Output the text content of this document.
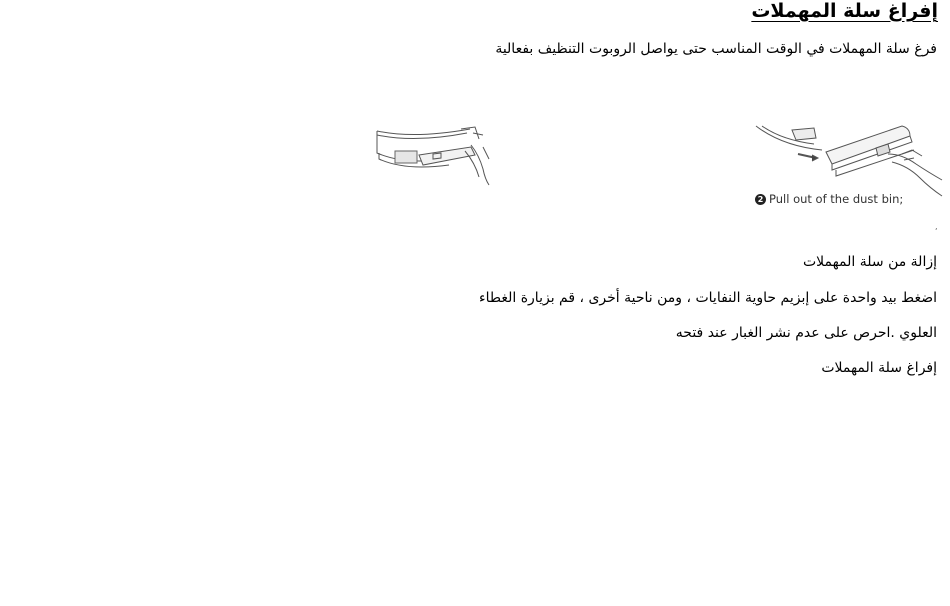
إفراغ سلة المهملات
فرغ سلة المهملات في الوقت المناسب حتى يواصل الروبوت التنظيف بفعالية
2 Pull out of the dust bin;
,
إزالة من سلة المهملات
اضغط بيد واحدة على إبزيم حاوية النفايات ، ومن ناحية أخرى ، قم بزيارة الغطاء
العلوي .احرص على عدم نشر الغبار عند فتحه
إفراغ سلة المهملات
